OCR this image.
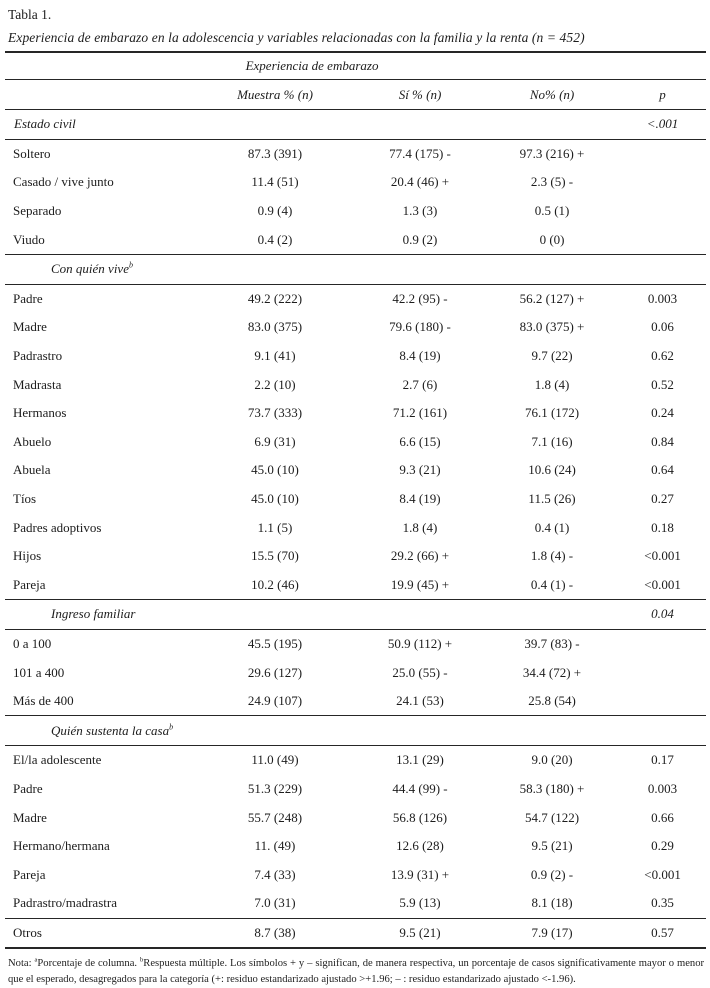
Tabla 1.
Experiencia de embarazo en la adolescencia y variables relacionadas con la familia y la renta (n = 452)
Experiencia de embarazo				
	Muestra % (n)	Sí % (n)	No% (n)	p
Estado civil				<.001
Soltero	87.3 (391)	77.4 (175) -	97.3 (216) +	
Casado / vive junto	11.4 (51)	20.4 (46) +	2.3 (5) -	
Separado	0.9 (4)	1.3 (3)	0.5 (1)	
Viudo	0.4 (2)	0.9 (2)	0 (0)	
Con quién vive$^b$	
Padre	49.2 (222)	42.2 (95) -	56.2 (127) +	0.003
Madre	83.0 (375)	79.6 (180) -	83.0 (375) +	0.06
Padrastro	9.1 (41)	8.4 (19)	9.7 (22)	0.62
Madrasta	2.2 (10)	2.7 (6)	1.8 (4)	0.52
Hermanos	73.7 (333)	71.2 (161)	76.1 (172)	0.24
Abuelo	6.9 (31)	6.6 (15)	7.1 (16)	0.84
Abuela	45.0 (10)	9.3 (21)	10.6 (24)	0.64
Tíos	45.0 (10)	8.4 (19)	11.5 (26)	0.27
Padres adoptivos	1.1 (5)	1.8 (4)	0.4 (1)	0.18
Hijos	15.5 (70)	29.2 (66) +	1.8 (4) -	<0.001
Pareja	10.2 (46)	19.9 (45) +	0.4 (1) -	<0.001
Ingreso familiar				0.04
0 a 100	45.5 (195)	50.9 (112) +	39.7 (83) -	
101 a 400	29.6 (127)	25.0 (55) -	34.4 (72) +	
Más de 400	24.9 (107)	24.1 (53)	25.8 (54)	
Quién sustenta la casa$^b$	
El/la adolescente	11.0 (49)	13.1 (29)	9.0 (20)	0.17
Padre	51.3 (229)	44.4 (99) -	58.3 (180) +	0.003
Madre	55.7 (248)	56.8 (126)	54.7 (122)	0.66
Hermano/hermana	11. (49)	12.6 (28)	9.5 (21)	0.29
Pareja	7.4 (33)	13.9 (31) +	0.9 (2) -	<0.001
Padrastro/madrastra	7.0 (31)	5.9 (13)	8.1 (18)	0.35
Otros	8.7 (38)	9.5 (21)	7.9 (17)	0.57
Nota: $^a$Porcentaje de columna. $^b$Respuesta múltiple. Los símbolos + y – significan, de manera respectiva, un porcentaje de casos significativamente mayor o menor que el esperado, desagregados para la categoría (+: residuo estandarizado ajustado >+1.96; – : residuo estandarizado ajustado <-1.96).
